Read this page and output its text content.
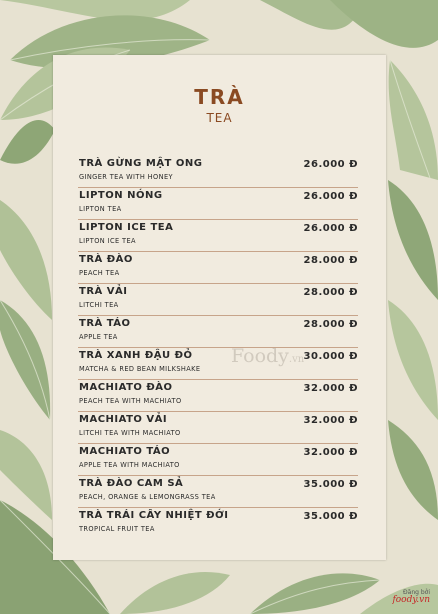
TRÀ
TEA
TRÀ GỪNG MẬT ONG
GINGER TEA WITH HONEY
26.000 Đ
LIPTON NÓNG
LIPTON TEA
26.000 Đ
LIPTON ICE TEA
LIPTON ICE TEA
26.000 Đ
TRÀ ĐÀO
PEACH TEA
28.000 Đ
TRÀ VẢI
LITCHI TEA
28.000 Đ
TRÀ TÁO
APPLE TEA
28.000 Đ
TRÀ XANH ĐẬU ĐỎ
MATCHA & RED BEAN MILKSHAKE
30.000 Đ
MACHIATO ĐÀO
PEACH TEA WITH MACHIATO
32.000 Đ
MACHIATO VẢI
LITCHI TEA WITH MACHIATO
32.000 Đ
MACHIATO TÁO
APPLE TEA WITH MACHIATO
32.000 Đ
TRÀ ĐÀO CAM SẢ
PEACH, ORANGE & LEMONGRASS TEA
35.000 Đ
TRÀ TRÁI CÂY NHIỆT ĐỚI
TROPICAL FRUIT TEA
35.000 Đ
Foody.vn
Đăng bởi
foody.vn
